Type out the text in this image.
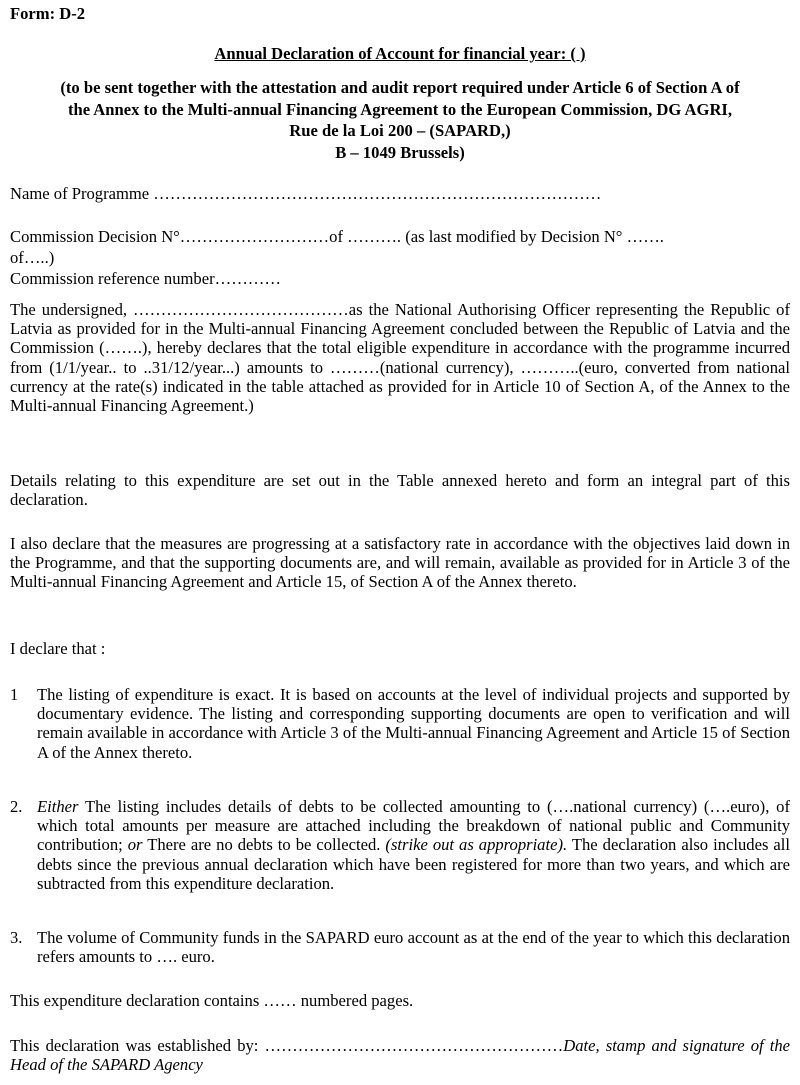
Form: D-2
Annual Declaration of Account for financial year: ( )
(to be sent together with the attestation and audit report required under Article 6 of Section A of
the Annex to the Multi-annual Financing Agreement to the European Commission, DG AGRI,
Rue de la Loi 200 – (SAPARD,)
B – 1049 Brussels)
Name of Programme ………………………………………………………………………
Commission Decision N°………………………of ………. (as last modified by Decision N° …….
of…..)
Commission reference number…………
The undersigned, …………………………………as the National Authorising Officer representing the Republic of Latvia as provided for in the Multi-annual Financing Agreement concluded between the Republic of Latvia and the Commission (…….), hereby declares that the total eligible expenditure in accordance with the programme incurred from (1/1/year.. to ..31/12/year...) amounts to ………(national currency), ………..(euro, converted from national currency at the rate(s) indicated in the table attached as provided for in Article 10 of Section A, of the Annex to the Multi-annual Financing Agreement.)
Details relating to this expenditure are set out in the Table annexed hereto and form an integral part of this declaration.
I also declare that the measures are progressing at a satisfactory rate in accordance with the objectives laid down in the Programme, and that the supporting documents are, and will remain, available as provided for in Article 3 of the Multi-annual Financing Agreement and Article 15, of Section A of the Annex thereto.
I declare that :
1 The listing of expenditure is exact. It is based on accounts at the level of individual projects and supported by documentary evidence. The listing and corresponding supporting documents are open to verification and will remain available in accordance with Article 3 of the Multi-annual Financing Agreement and Article 15 of Section A of the Annex thereto.
2. Either The listing includes details of debts to be collected amounting to (….national currency) (….euro), of which total amounts per measure are attached including the breakdown of national public and Community contribution; or There are no debts to be collected. (strike out as appropriate). The declaration also includes all debts since the previous annual declaration which have been registered for more than two years, and which are subtracted from this expenditure declaration.
3. The volume of Community funds in the SAPARD euro account as at the end of the year to which this declaration refers amounts to …. euro.
This expenditure declaration contains …… numbered pages.
This declaration was established by: ………………………………………………Date, stamp and signature of the Head of the SAPARD Agency
